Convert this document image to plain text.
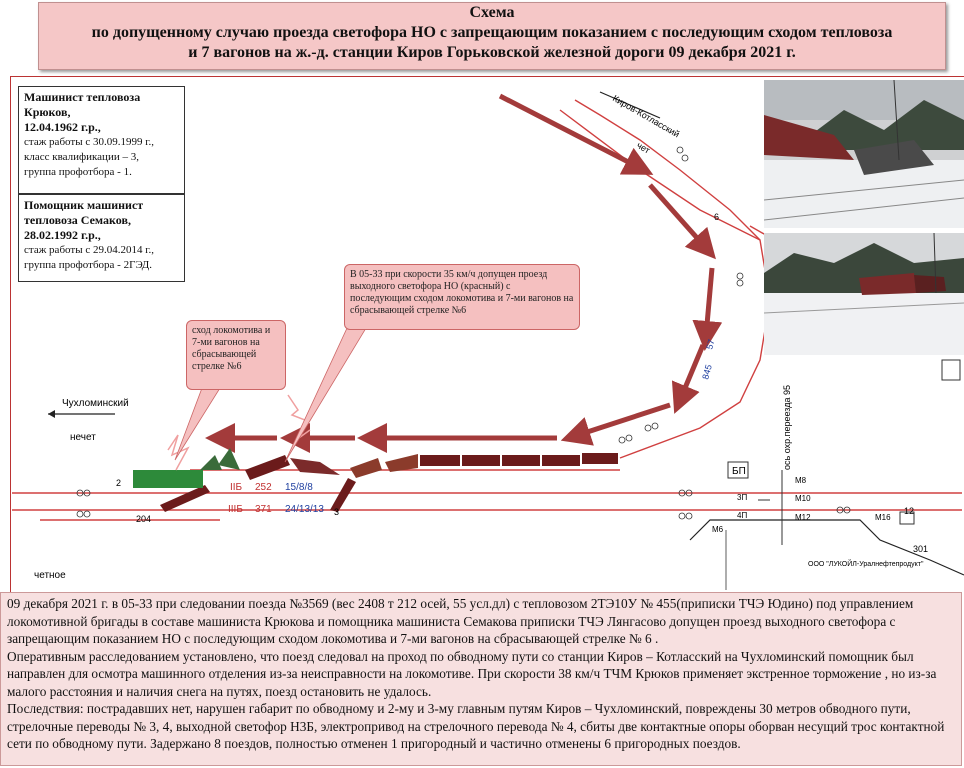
Схема
по допущенному случаю проезда светофора НО с запрещающим показанием с последующим сходом тепловоза
и 7 вагонов на ж.-д. станции Киров Горьковской железной дороги 09 декабря 2021 г.
Киров-Котласский
чет
Чухломинский
нечет
четное
БП
ось охр.переезда 95
IIБ
IIIБ
252
371
15/8/8
24/13/13
204
301
12
2
6
57
845
3
M6
M10
M12	M16
M8
3П
4П
ООО "ЛУКОЙЛ-Уралнефтепродукт"
Машинист тепловоза
Крюков,
12.04.1962 г.р.,
стаж работы с 30.09.1999 г.,
класс квалификации – 3,
группа профотбора - 1.
Помощник машинист
тепловоза Семаков,
28.02.1992 г.р.,
стаж работы с 29.04.2014 г.,
группа профотбора - 2ГЭД.
В 05-33 при скорости 35 км/ч допущен проезд выходного светофора НО (красный) с последующим сходом локомотива и 7-ми вагонов на сбрасывающей стрелке №6
сход локомотива и 7-ми вагонов на сбрасывающей стрелке №6

09 декабря 2021 г. в 05-33 при следовании поезда №3569 (вес 2408 т 212 осей, 55 усл.дл) с тепловозом 2ТЭ10У № 455(приписки ТЧЭ Юдино) под управлением локомотивной бригады в составе машиниста Крюкова и помощника машиниста Семакова приписки ТЧЭ Лянгасово допущен проезд выходного светофора с запрещающим показанием НО с последующим сходом локомотива и 7-ми вагонов на сбрасывающей стрелке № 6 .

Оперативным расследованием установлено, что поезд следовал на проход по обводному пути со станции Киров – Котласский на Чухломинский помощник был направлен для осмотра машинного отделения из-за неисправности на локомотиве. При скорости 38 км/ч ТЧМ Крюков применяет экстренное торможение , но из-за малого расстояния и наличия снега на путях, поезд остановить не удалось.

Последствия: пострадавших нет, нарушен габарит по обводному и 2-му и 3-му главным путям Киров – Чухломинский, повреждены 30 метров обводного пути, стрелочные переводы № 3, 4, выходной светофор Н3Б, электропривод на стрелочного перевода № 4, сбиты две контактные опоры оборван несущий трос контактной сети по обводному пути. Задержано 8 поездов, полностью отменен 1 пригородный и частично отменены 6 пригородных поездов.
